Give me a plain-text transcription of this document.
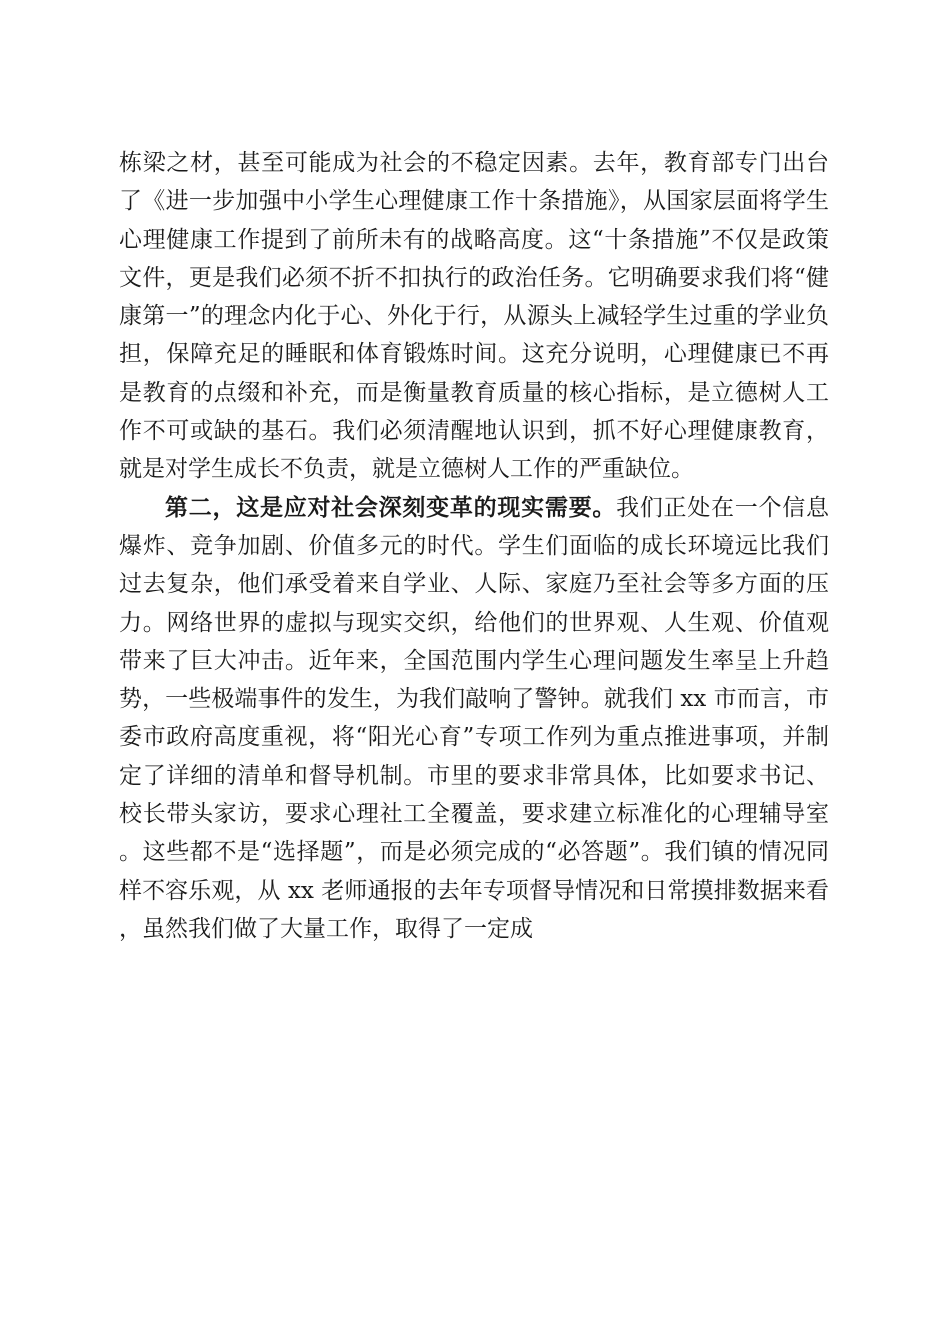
栋梁之材，甚至可能成为社会的不稳定因素。去年，教育部专门出台了《进一步加强中小学生心理健康工作十条措施》，从国家层面将学生心理健康工作提到了前所未有的战略高度。这“十条措施”不仅是政策文件，更是我们必须不折不扣执行的政治任务。它明确要求我们将“健康第一”的理念内化于心、外化于行，从源头上减轻学生过重的学业负担，保障充足的睡眠和体育锻炼时间。这充分说明，心理健康已不再是教育的点缀和补充，而是衡量教育质量的核心指标，是立德树人工作不可或缺的基石。我们必须清醒地认识到，抓不好心理健康教育，就是对学生成长不负责，就是立德树人工作的严重缺位。

第二，这是应对社会深刻变革的现实需要。我们正处在一个信息爆炸、竞争加剧、价值多元的时代。学生们面临的成长环境远比我们过去复杂，他们承受着来自学业、人际、家庭乃至社会等多方面的压力。网络世界的虚拟与现实交织，给他们的世界观、人生观、价值观带来了巨大冲击。近年来，全国范围内学生心理问题发生率呈上升趋势，一些极端事件的发生，为我们敲响了警钟。就我们 xx 市而言，市委市政府高度重视，将“阳光心育”专项工作列为重点推进事项，并制定了详细的清单和督导机制。市里的要求非常具体，比如要求书记、校长带头家访，要求心理社工全覆盖，要求建立标准化的心理辅导室。这些都不是“选择题”，而是必须完成的“必答题”。我们镇的情况同样不容乐观，从 xx 老师通报的去年专项督导情况和日常摸排数据来看，虽然我们做了大量工作，取得了一定成
